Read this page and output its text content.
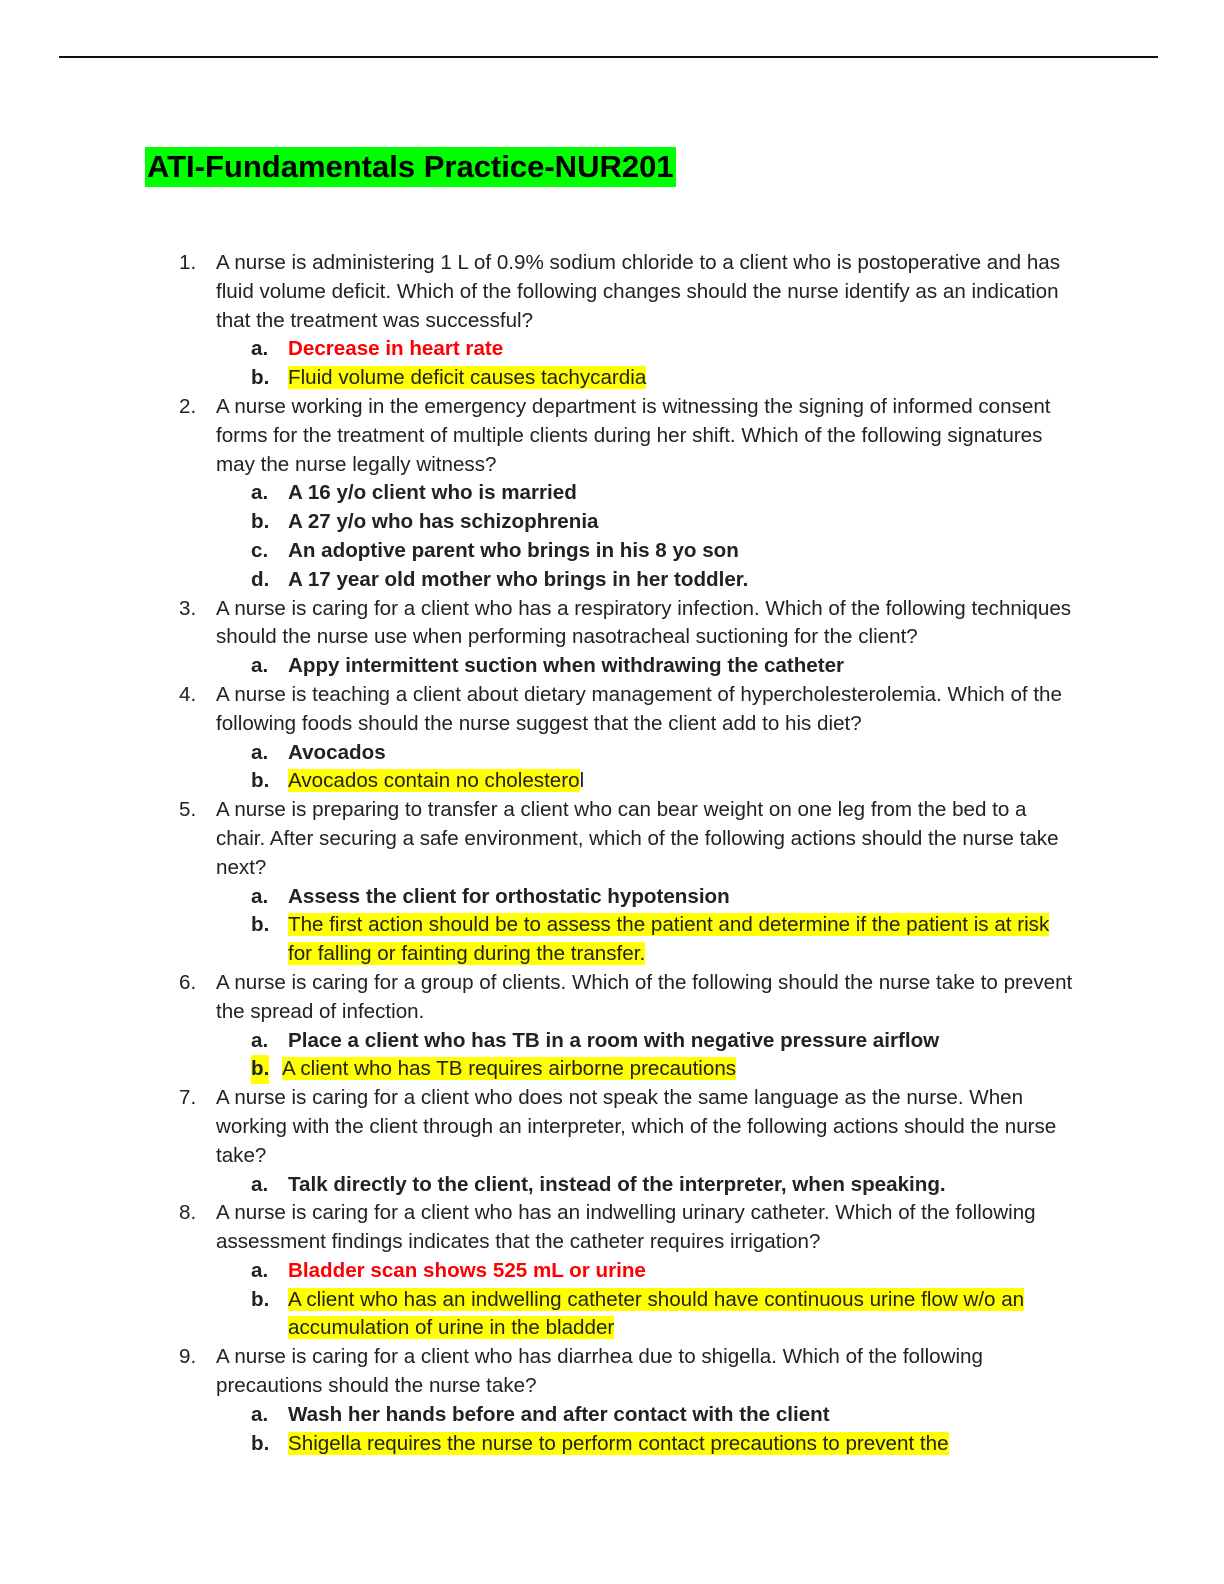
ATI-Fundamentals Practice-NUR201
1. A nurse is administering 1 L of 0.9% sodium chloride to a client who is postoperative and has fluid volume deficit. Which of the following changes should the nurse identify as an indication that the treatment was successful?
a. Decrease in heart rate
b. Fluid volume deficit causes tachycardia
2. A nurse working in the emergency department is witnessing the signing of informed consent forms for the treatment of multiple clients during her shift. Which of the following signatures may the nurse legally witness?
a. A 16 y/o client who is married
b. A 27 y/o who has schizophrenia
c. An adoptive parent who brings in his 8 yo son
d. A 17 year old mother who brings in her toddler.
3. A nurse is caring for a client who has a respiratory infection. Which of the following techniques should the nurse use when performing nasotracheal suctioning for the client?
a. Appy intermittent suction when withdrawing the catheter
4. A nurse is teaching a client about dietary management of hypercholesterolemia. Which of the following foods should the nurse suggest that the client add to his diet?
a. Avocados
b. Avocados contain no cholesterol
5. A nurse is preparing to transfer a client who can bear weight on one leg from the bed to a chair. After securing a safe environment, which of the following actions should the nurse take next?
a. Assess the client for orthostatic hypotension
b. The first action should be to assess the patient and determine if the patient is at risk for falling or fainting during the transfer.
6. A nurse is caring for a group of clients. Which of the following should the nurse take to prevent the spread of infection.
a. Place a client who has TB in a room with negative pressure airflow
b. A client who has TB requires airborne precautions
7. A nurse is caring for a client who does not speak the same language as the nurse. When working with the client through an interpreter, which of the following actions should the nurse take?
a. Talk directly to the client, instead of the interpreter, when speaking.
8. A nurse is caring for a client who has an indwelling urinary catheter. Which of the following assessment findings indicates that the catheter requires irrigation?
a. Bladder scan shows 525 mL or urine
b. A client who has an indwelling catheter should have continuous urine flow w/o an accumulation of urine in the bladder
9. A nurse is caring for a client who has diarrhea due to shigella. Which of the following precautions should the nurse take?
a. Wash her hands before and after contact with the client
b. Shigella requires the nurse to perform contact precautions to prevent the
